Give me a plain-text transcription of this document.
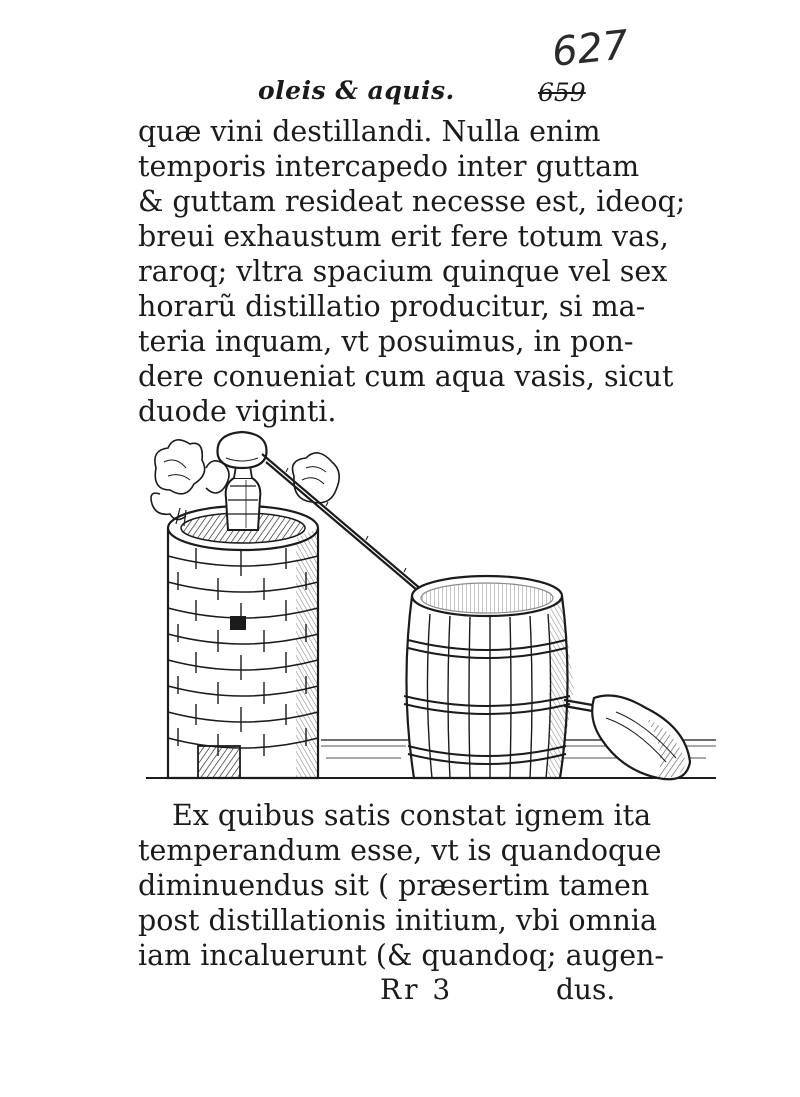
627
oleis & aquis.	659
quæ vini destillandi. Nulla enim
temporis intercapedo inter guttam
& guttam resideat necesse est, ideoq;
breui exhaustum erit fere totum vas,
raroq; vltra spacium quinque vel sex
horarũ distillatio producitur, si ma-
teria inquam, vt posuimus, in pon-
dere conueniat cum aqua vasis, sicut
duode viginti.
Ex quibus satis constat ignem ita
temperandum esse, vt is quandoque
diminuendus sit ( præsertim tamen
post distillationis initium, vbi omnia
iam incaluerunt (& quandoq; augen-
Rr 3	dus.
